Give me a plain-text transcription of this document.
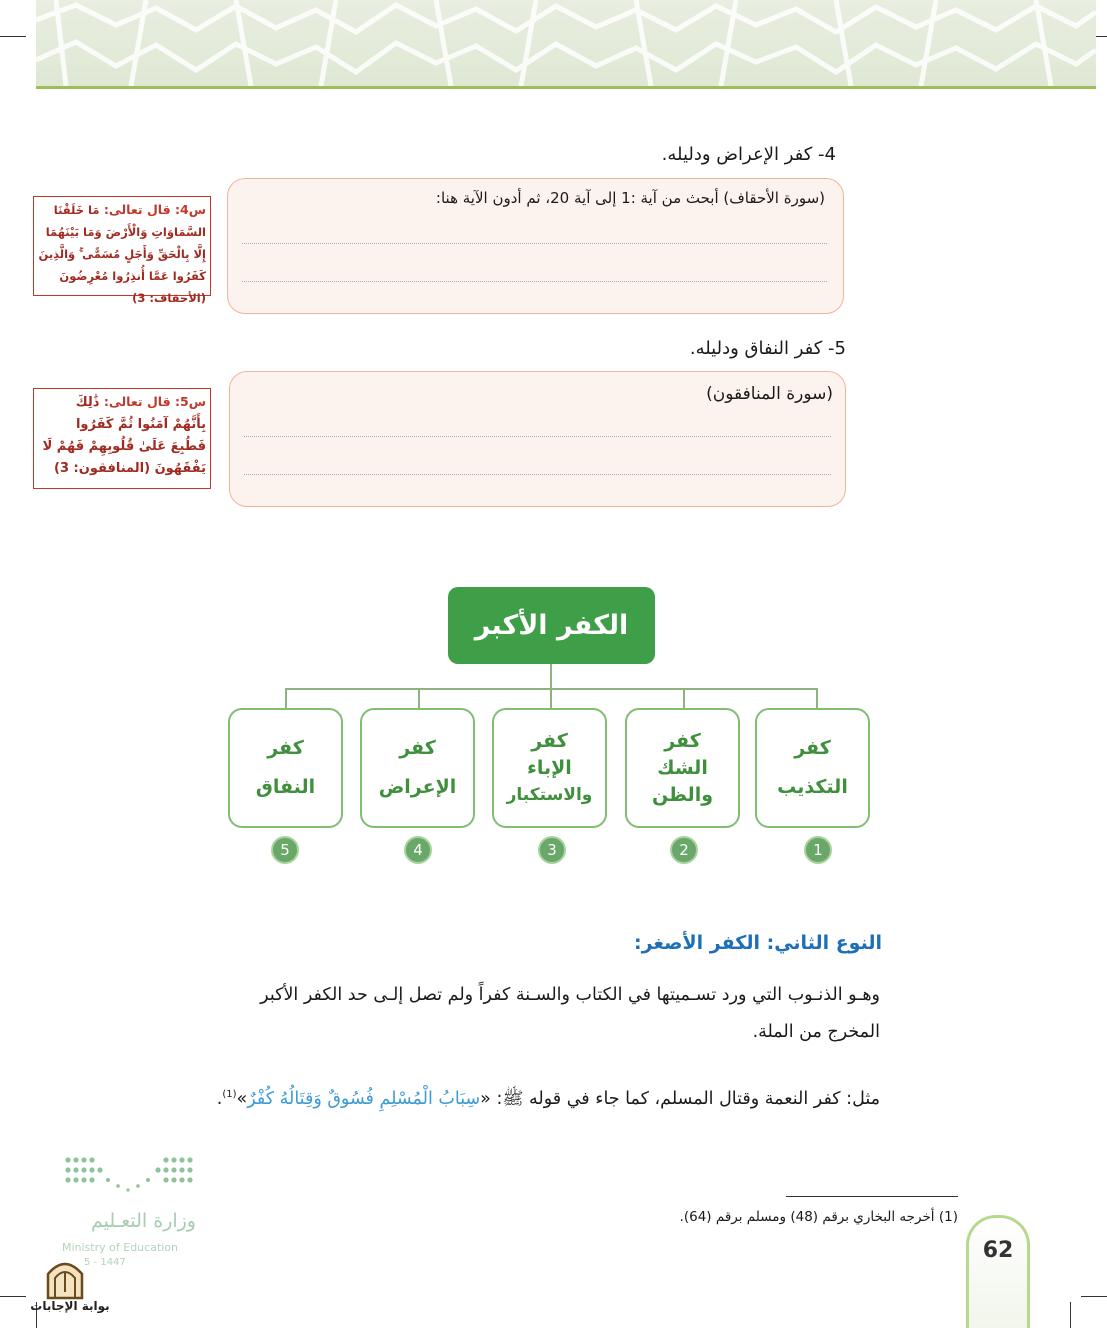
4- كفر الإعراض ودليله.
(سورة الأحقاف) أبحث من آية :1 إلى آية 20، ثم أدون الآية هنا:
س4: قال تعالى: مَا خَلَقْنَا السَّمَاوَاتِ وَالْأَرْضَ وَمَا بَيْنَهُمَا إِلَّا بِالْحَقِّ وَأَجَلٍ مُسَمًّى ۚ وَالَّذِينَ كَفَرُوا عَمَّا أُنذِرُوا مُعْرِضُونَ (الأحقاف: 3)
5- كفر النفاق ودليله.
(سورة المنافقون)
س5: قال تعالى: ذَٰلِكَ بِأَنَّهُمْ آمَنُوا ثُمَّ كَفَرُوا فَطُبِعَ عَلَىٰ قُلُوبِهِمْ فَهُمْ لَا يَفْقَهُونَ (المنافقون: 3)
الكفر الأكبر
كفر
التكذيب
كفر
الشك
والظن
كفر
الإباء
والاستكبار
كفر
الإعراض
كفر
النفاق
1
2
3
4
5
النوع الثاني: الكفر الأصغر:
وهـو الذنـوب التي ورد تسـميتها في الكتاب والسـنة كفراً ولم تصل إلـى حد الكفر الأكبر
المخرج من الملة.
مثل: كفر النعمة وقتال المسلم، كما جاء في قوله ﷺ: «سِبَابُ الْمُسْلِمِ فُسُوقٌ وَقِتَالُهُ كُفْرٌ»$^{(1)}$.
(1) أخرجه البخاري برقم (48) ومسلم برقم (64).
62
وزارة التعـليم
Ministry of Education
5 - 1447
بوابة الإجابات
